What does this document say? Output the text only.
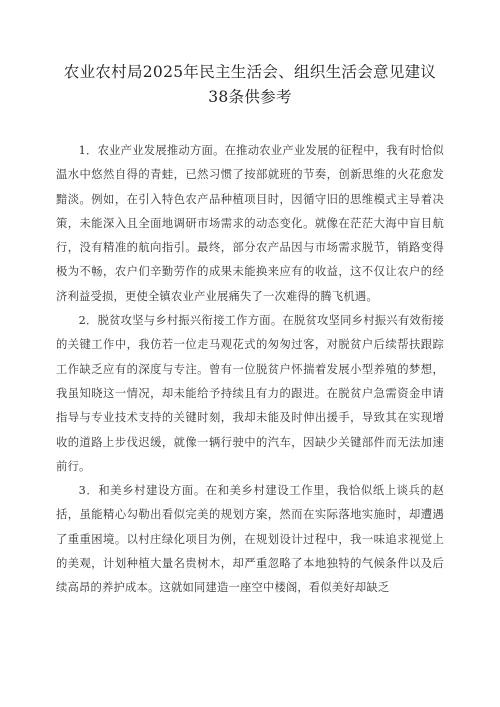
农业农村局2025年民主生活会、组织生活会意见建议38条供参考

1．农业产业发展推动方面。在推动农业产业发展的征程中，我有时恰似温水中悠然自得的青蛙，已然习惯了按部就班的节奏，创新思维的火花愈发黯淡。例如，在引入特色农产品种植项目时，因循守旧的思维模式主导着决策，未能深入且全面地调研市场需求的动态变化。就像在茫茫大海中盲目航行，没有精准的航向指引。最终，部分农产品因与市场需求脱节，销路变得极为不畅，农户们辛勤劳作的成果未能换来应有的收益，这不仅让农户的经济利益受损，更使全镇农业产业展痛失了一次难得的腾飞机遇。

2．脱贫攻坚与乡村振兴衔接工作方面。在脱贫攻坚同乡村振兴有效衔接的关键工作中，我仿若一位走马观花式的匆匆过客，对脱贫户后续帮扶跟踪工作缺乏应有的深度与专注。曾有一位脱贫户怀揣着发展小型养殖的梦想，我虽知晓这一情况，却未能给予持续且有力的跟进。在脱贫户急需资金申请指导与专业技术支持的关键时刻，我却未能及时伸出援手，导致其在实现增收的道路上步伐迟缓，就像一辆行驶中的汽车，因缺少关键部件而无法加速前行。

3．和美乡村建设方面。在和美乡村建设工作里，我恰似纸上谈兵的赵括，虽能精心勾勒出看似完美的规划方案，然而在实际落地实施时，却遭遇了重重困境。以村庄绿化项目为例，在规划设计过程中，我一味追求视觉上的美观，计划种植大量名贵树木，却严重忽略了本地独特的气候条件以及后续高昂的养护成本。这就如同建造一座空中楼阁，看似美好却缺乏
